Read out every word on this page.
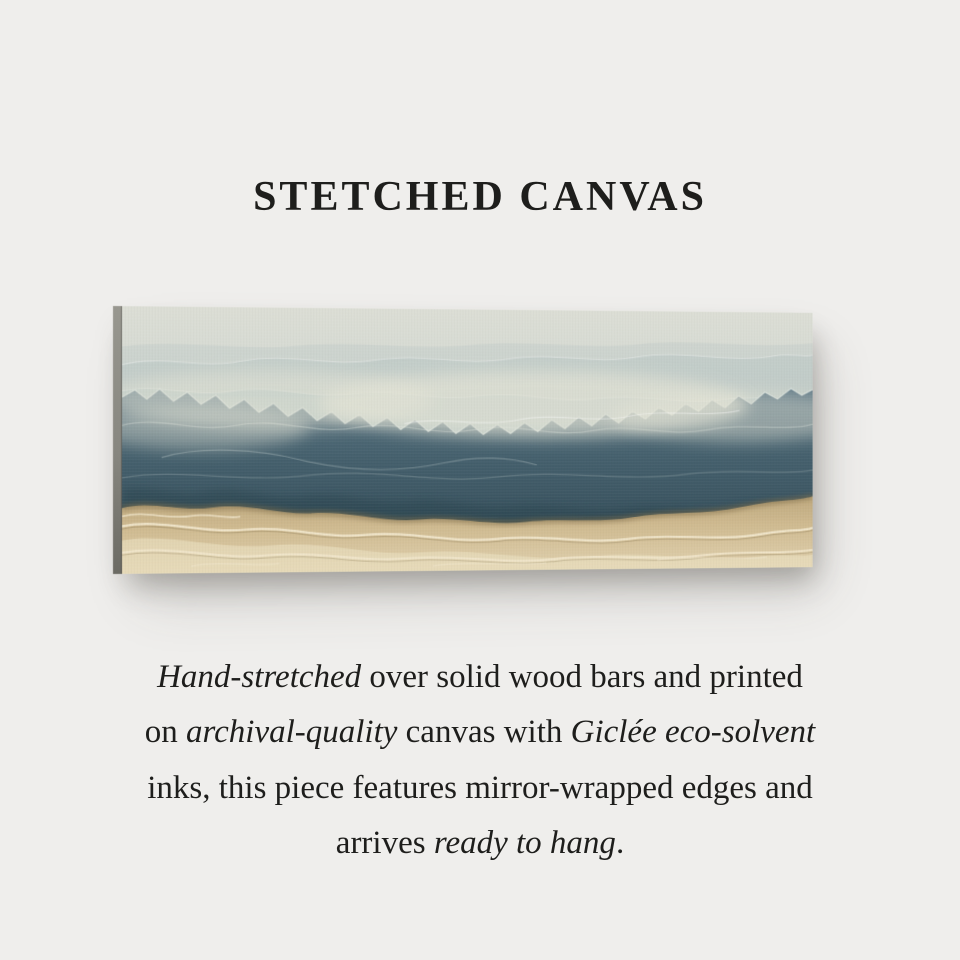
STETCHED CANVAS
Hand-stretched over solid wood bars and printed
on archival-quality canvas with Giclée eco-solvent
inks, this piece features mirror-wrapped edges and
arrives ready to hang.
